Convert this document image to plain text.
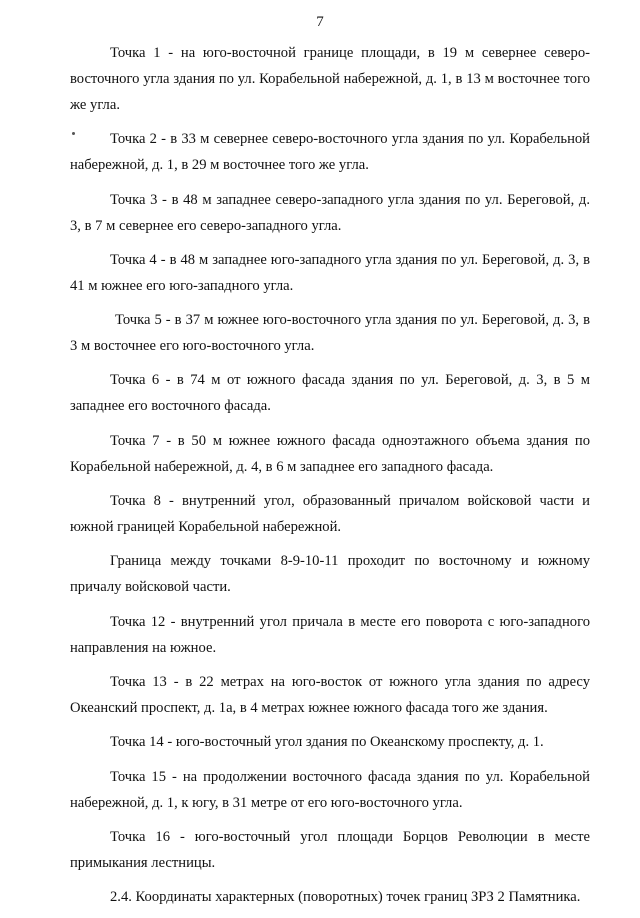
7

Точка 1 - на юго-восточной границе площади, в 19 м севернее северо-восточного угла здания по ул. Корабельной набережной, д. 1, в 13 м восточнее того же угла.

Точка 2 - в 33 м севернее северо-восточного угла здания по ул. Корабельной набережной, д. 1, в 29 м восточнее того же угла.

Точка 3 - в 48 м западнее северо-западного угла здания по ул. Береговой, д. 3, в 7 м севернее его северо-западного угла.

Точка 4 - в 48 м западнее юго-западного угла здания по ул. Береговой, д. 3, в 41 м южнее его юго-западного угла.

Точка 5 - в 37 м южнее юго-восточного угла здания по ул. Береговой, д. 3, в 3 м восточнее его юго-восточного угла.

Точка 6 - в 74 м от южного фасада здания по ул. Береговой, д. 3, в 5 м западнее его восточного фасада.

Точка 7 - в 50 м южнее южного фасада одноэтажного объема здания по Корабельной набережной, д. 4, в 6 м западнее его западного фасада.

Точка 8 - внутренний угол, образованный причалом войсковой части и южной границей Корабельной набережной.

Граница между точками 8-9-10-11 проходит по восточному и южному причалу войсковой части.

Точка 12 - внутренний угол причала в месте его поворота с юго-западного направления на южное.

Точка 13 - в 22 метрах на юго-восток от южного угла здания по адресу Океанский проспект, д. 1а, в 4 метрах южнее южного фасада того же здания.

Точка 14 - юго-восточный угол здания по Океанскому проспекту, д. 1.

Точка 15 - на продолжении восточного фасада здания по ул. Корабельной набережной, д. 1, к югу, в 31 метре от его юго-восточного угла.

Точка 16 - юго-восточный угол площади Борцов Революции в месте примыкания лестницы.

2.4. Координаты характерных (поворотных) точек границ ЗРЗ 2 Памятника.
